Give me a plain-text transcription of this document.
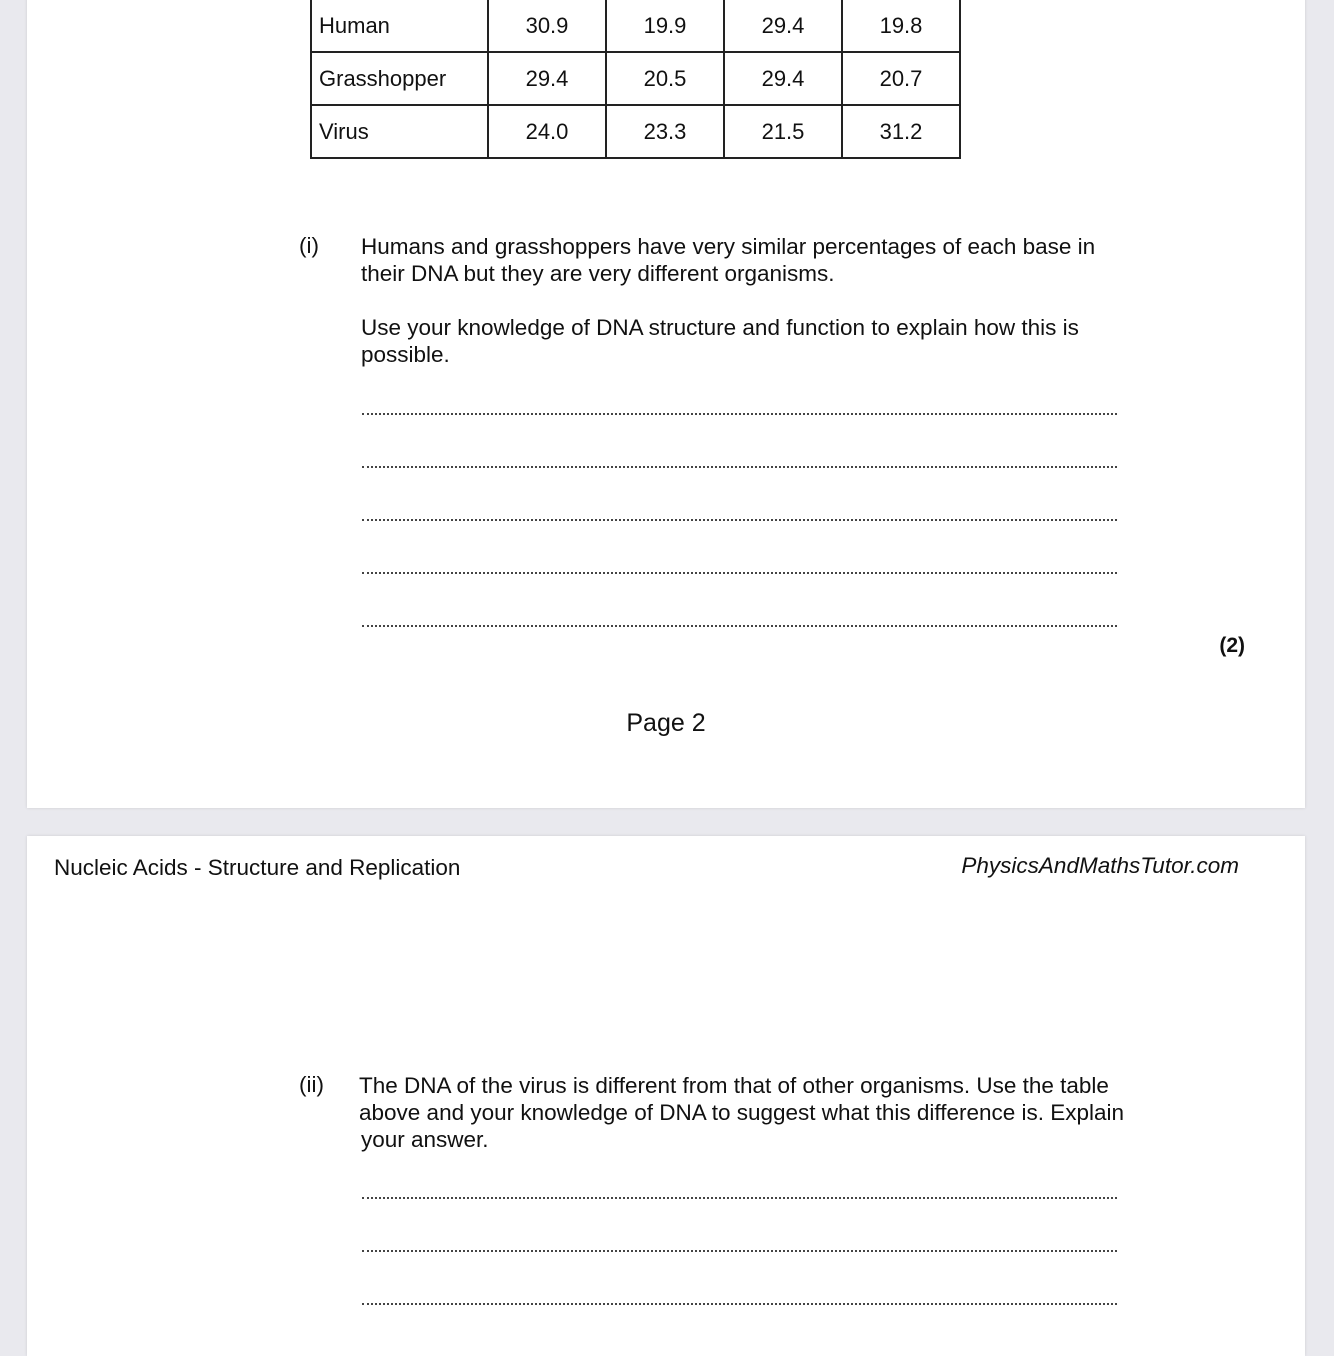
Human	30.9	19.9	29.4	19.8
Grasshopper	29.4	20.5	29.4	20.7
Virus	24.0	23.3	21.5	31.2
(i) Humans and grasshoppers have very similar percentages of each base in
their DNA but they are very different organisms.
Use your knowledge of DNA structure and function to explain how this is
possible.
(2)
Page 2
Nucleic Acids - Structure and Replication	PhysicsAndMathsTutor.com
(ii) The DNA of the virus is different from that of other organisms. Use the table
above and your knowledge of DNA to suggest what this difference is. Explain
your answer.
